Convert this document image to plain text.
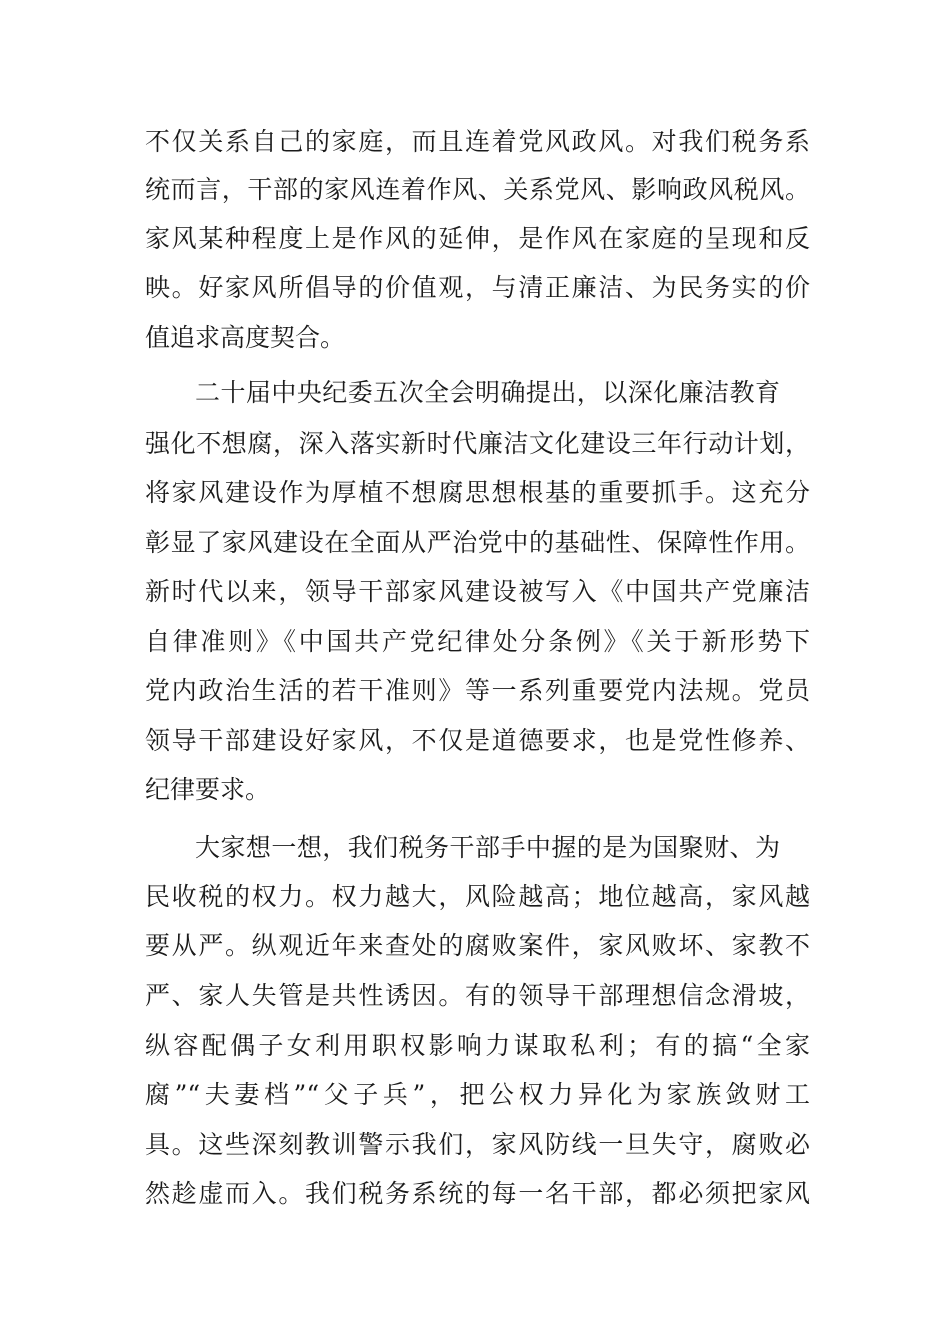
不仅关系自己的家庭，而且连着党风政风。对我们税务系
统而言，干部的家风连着作风、关系党风、影响政风税风。
家风某种程度上是作风的延伸，是作风在家庭的呈现和反
映。好家风所倡导的价值观，与清正廉洁、为民务实的价
值追求高度契合。
二十届中央纪委五次全会明确提出，以深化廉洁教育
强化不想腐，深入落实新时代廉洁文化建设三年行动计划，
将家风建设作为厚植不想腐思想根基的重要抓手。这充分
彰显了家风建设在全面从严治党中的基础性、保障性作用。
新时代以来，领导干部家风建设被写入《中国共产党廉洁
自律准则》《中国共产党纪律处分条例》《关于新形势下
党内政治生活的若干准则》等一系列重要党内法规。党员
领导干部建设好家风，不仅是道德要求，也是党性修养、
纪律要求。
大家想一想，我们税务干部手中握的是为国聚财、为
民收税的权力。权力越大，风险越高；地位越高，家风越
要从严。纵观近年来查处的腐败案件，家风败坏、家教不
严、家人失管是共性诱因。有的领导干部理想信念滑坡，
纵容配偶子女利用职权影响力谋取私利；有的搞“全家
腐”“夫妻档”“父子兵”，把公权力异化为家族敛财工
具。这些深刻教训警示我们，家风防线一旦失守，腐败必
然趁虚而入。我们税务系统的每一名干部，都必须把家风
